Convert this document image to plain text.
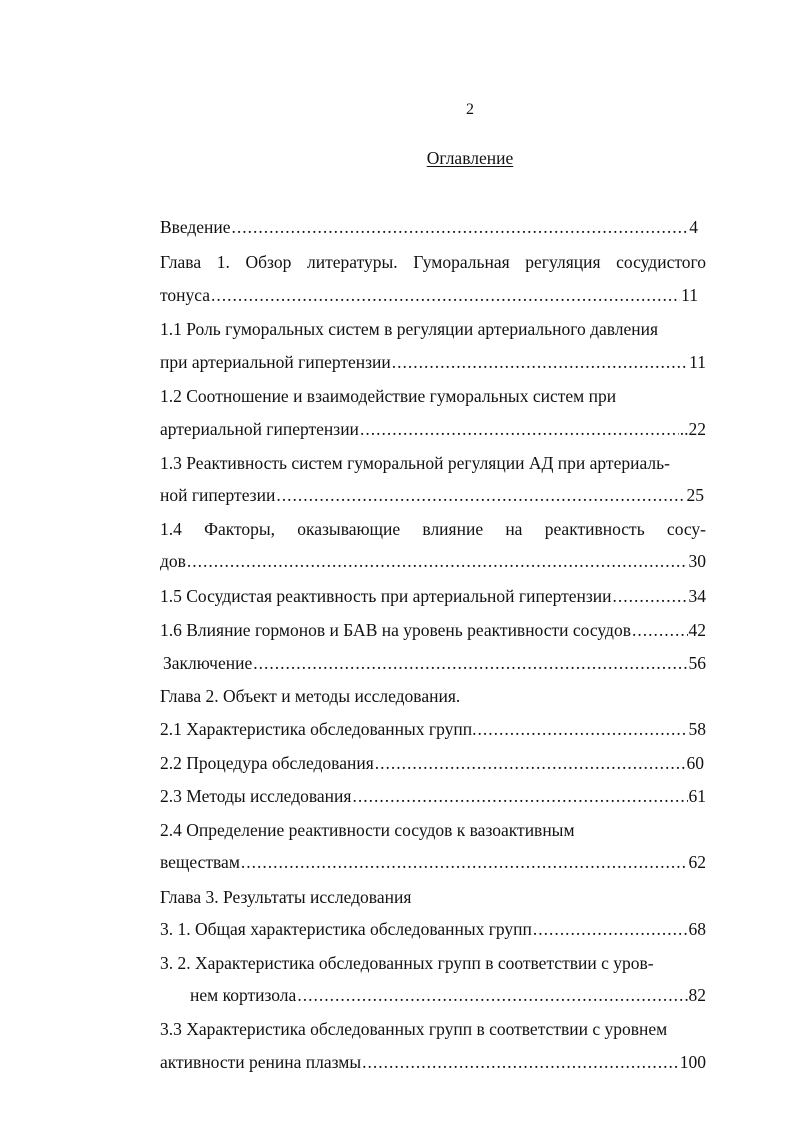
2
Оглавление
Введение .....	4
Глава 1. Обзор литературы. Гуморальная регуляция сосудистого
тонуса .....	11
1.1 Роль гуморальных систем в регуляции артериального давления
при артериальной гипертензии .....	11
1.2 Соотношение и взаимодействие гуморальных систем при
артериальной гипертензии .....	..22
1.3 Реактивность систем гуморальной регуляции АД при артериаль-
ной гипертезии .....	25
1.4 Факторы, оказывающие влияние на реактивность сосу-
дов .....	30
1.5 Сосудистая реактивность при артериальной гипертензии .....	34
1.6 Влияние гормонов и БАВ на уровень реактивности сосудов .....	42
Заключение .....	56
Глава 2. Объект и методы исследования.
2.1 Характеристика обследованных групп. .....	58
2.2 Процедура обследования .....	60
2.3 Методы исследования .....	61
2.4 Определение реактивности сосудов к вазоактивным
веществам .....	62
Глава 3. Результаты исследования
3. 1. Общая характеристика обследованных групп .....	68
3. 2. Характеристика обследованных групп в соответствии с уров-
нем кортизола .....	82
3.3 Характеристика обследованных групп в соответствии с уровнем
активности ренина плазмы .....	100
